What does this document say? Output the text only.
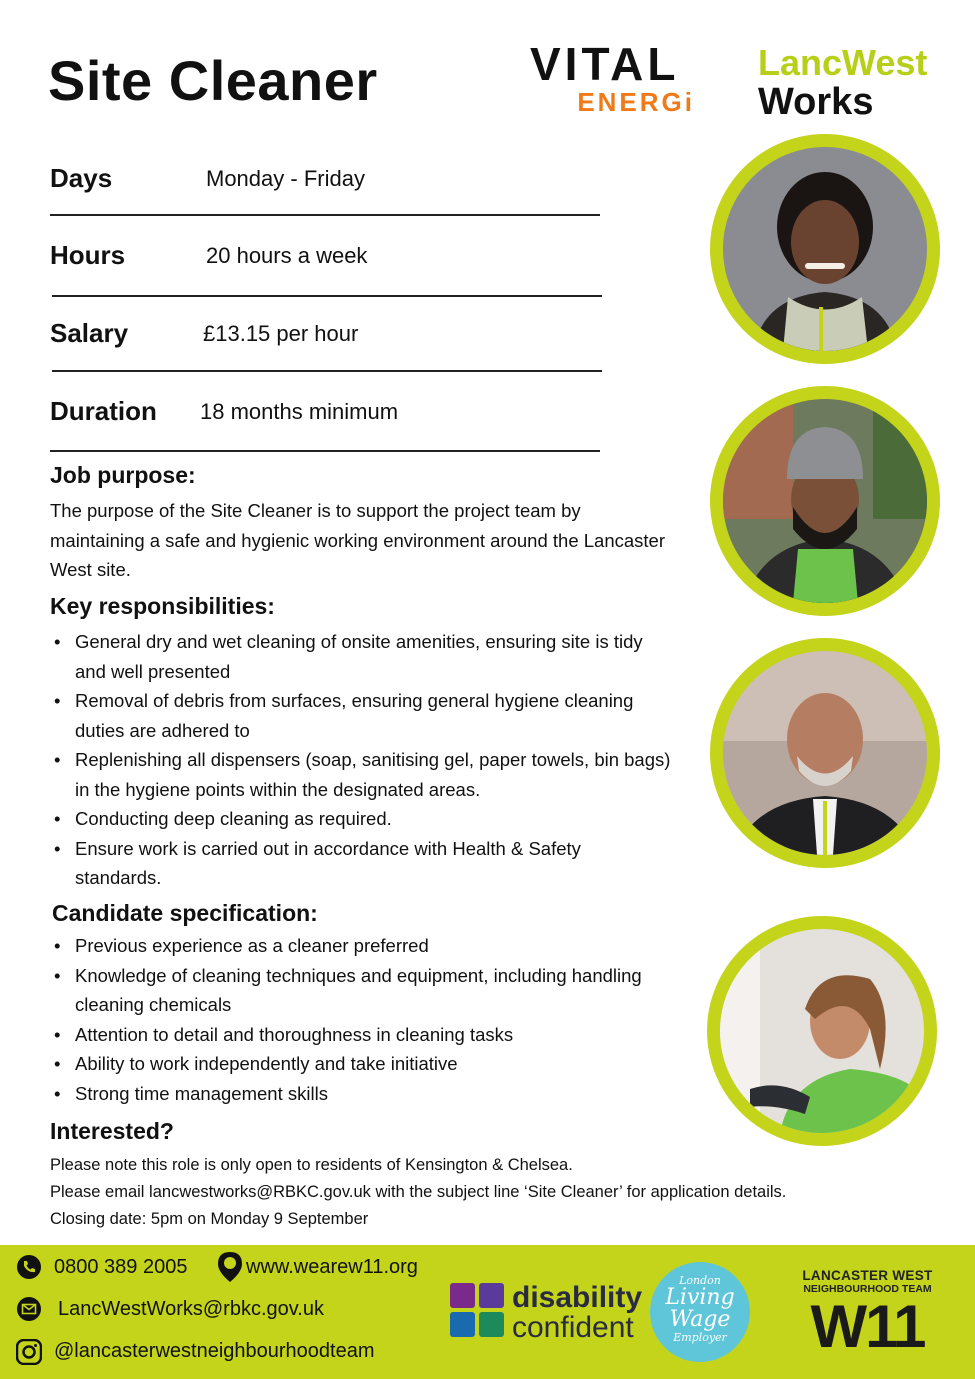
Site Cleaner	VITAL
ENERGi
LancWest
Works
Days	Monday - Friday
Hours	20 hours a week
Salary	£13.15 per hour
Duration 18 months minimum
Job purpose:
The purpose of the Site Cleaner is to support the project team by
maintaining a safe and hygienic working environment around the Lancaster
West site.
Key responsibilities:
• General dry and wet cleaning of onsite amenities, ensuring site is tidy
and well presented
• Removal of debris from surfaces, ensuring general hygiene cleaning
duties are adhered to
• Replenishing all dispensers (soap, sanitising gel, paper towels, bin bags)
in the hygiene points within the designated areas.
• Conducting deep cleaning as required.
• Ensure work is carried out in accordance with Health & Safety
standards.
Candidate specification:
• Previous experience as a cleaner preferred
• Knowledge of cleaning techniques and equipment, including handling
cleaning chemicals
• Attention to detail and thoroughness in cleaning tasks
• Ability to work independently and take initiative
• Strong time management skills
Interested?
Please note this role is only open to residents of Kensington & Chelsea.
Please email lancwestworks@RBKC.gov.uk with the subject line ‘Site Cleaner’ for application details.
Closing date: 5pm on Monday 9 September
0800 389 2005	www.wearew11.org
LancWestWorks@rbkc.gov.uk
@lancasterwestneighbourhoodteam
disability
confident
London
Living
Wage
Employer
LANCASTER WEST
NEIGHBOURHOOD TEAM
W11
